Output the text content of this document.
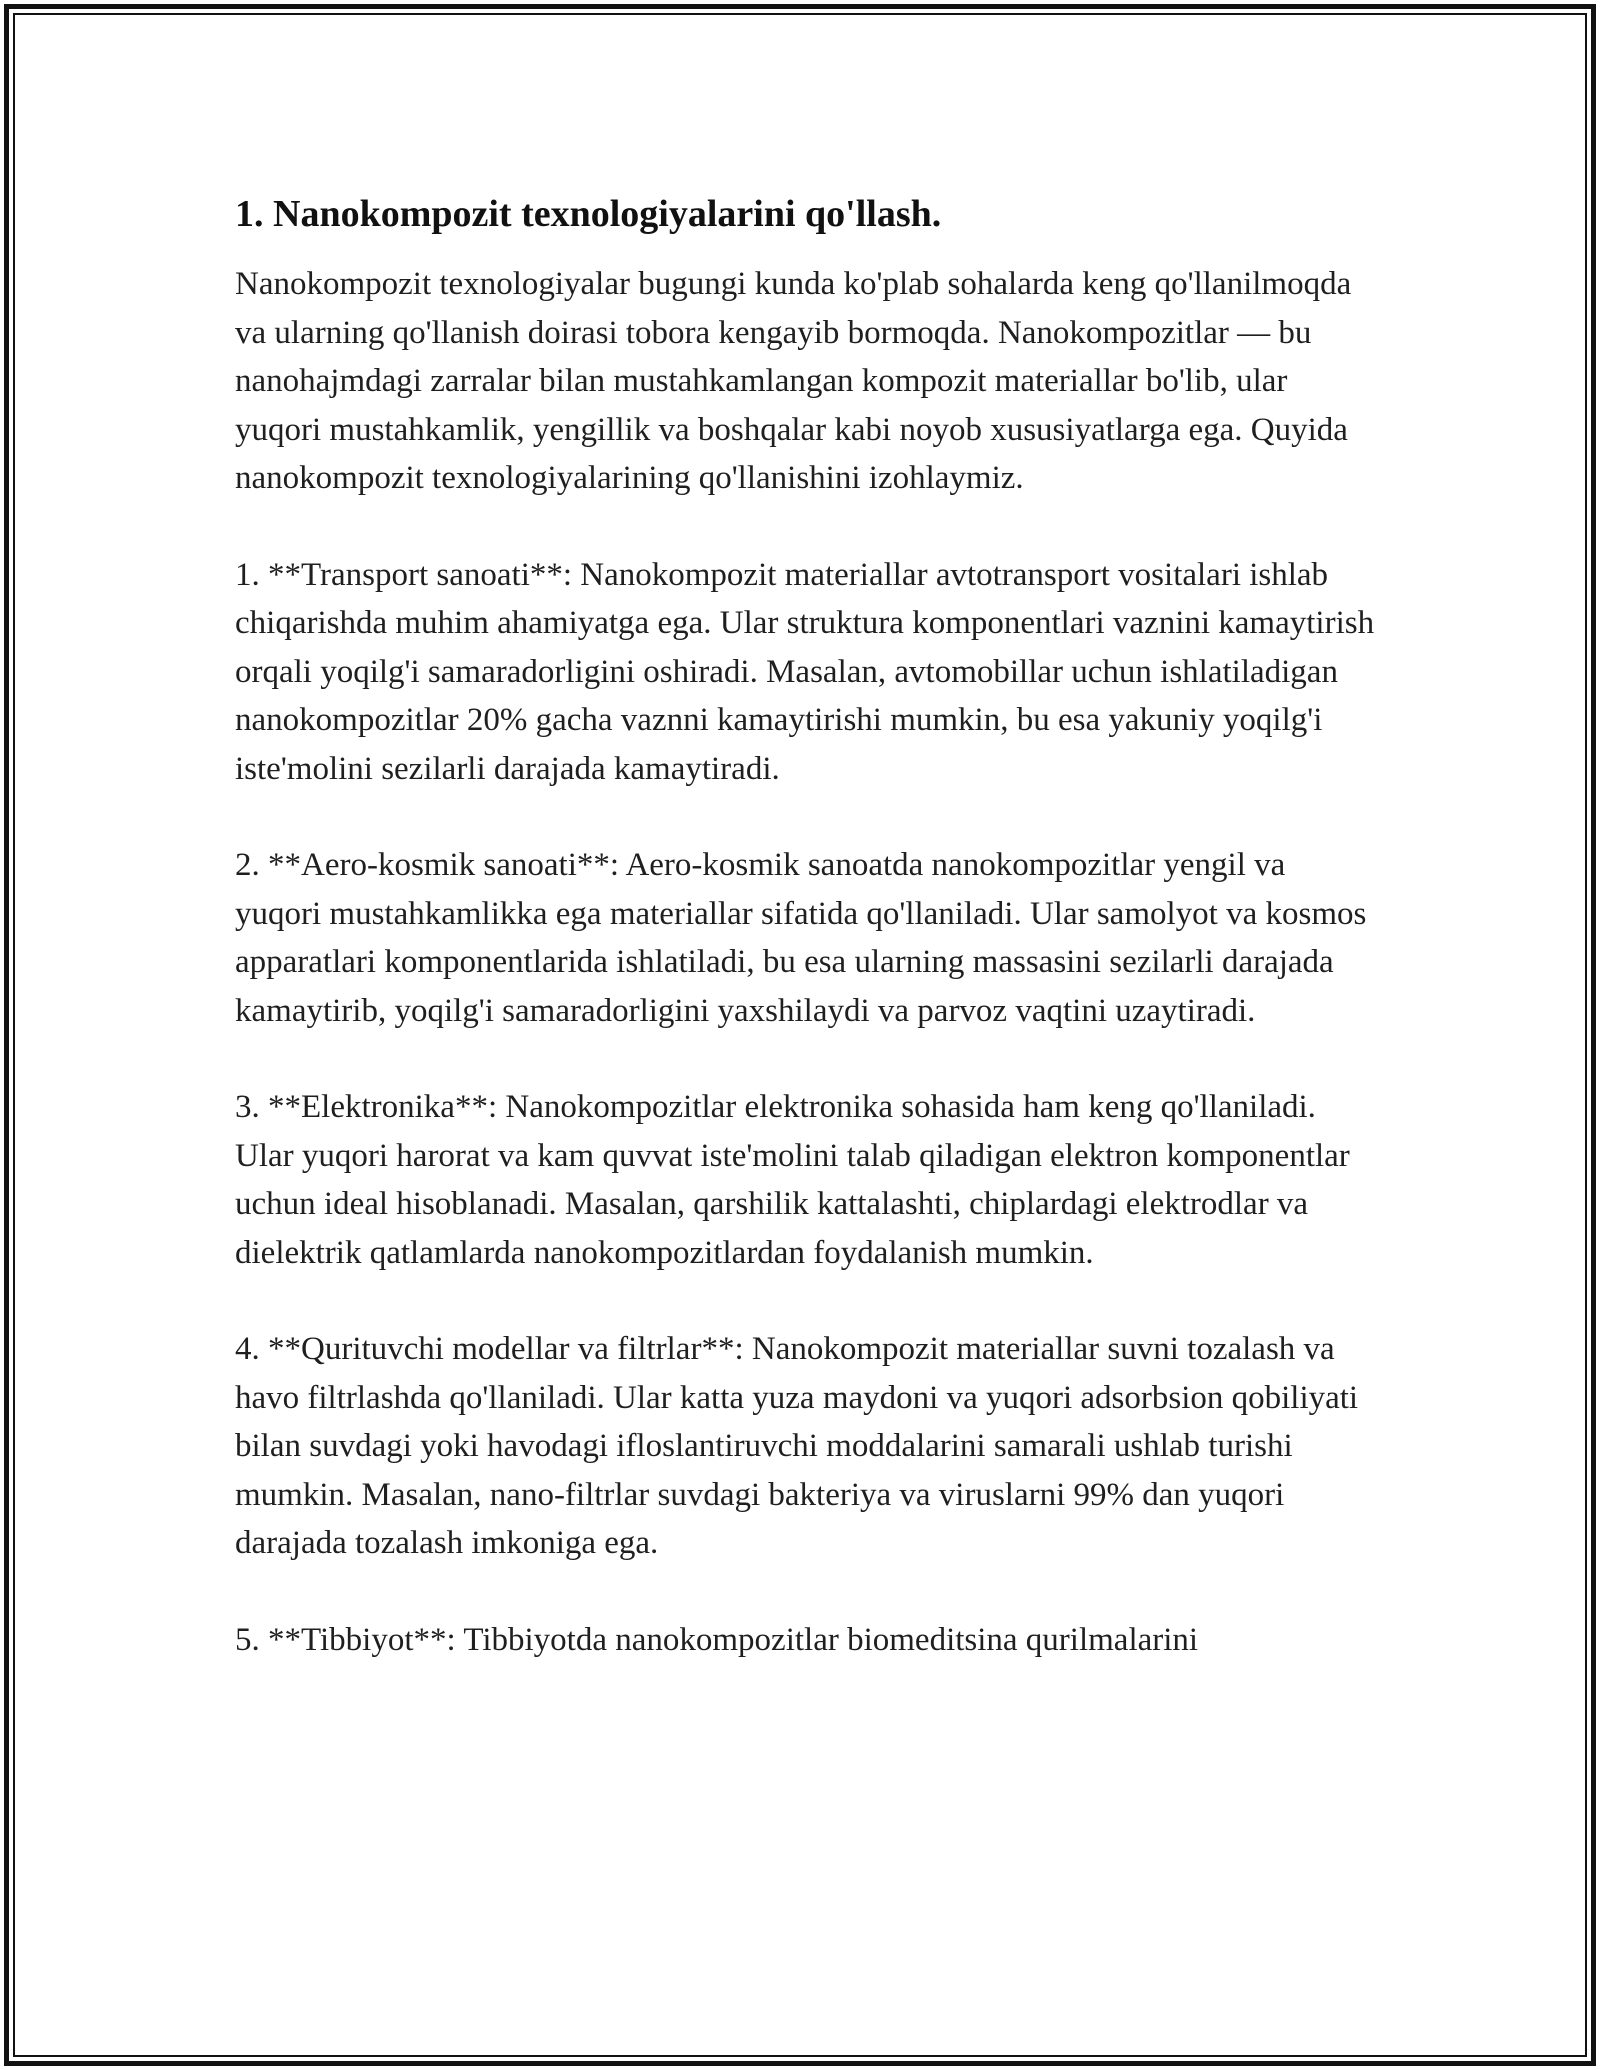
1. Nanokompozit texnologiyalarini qo'llash.

Nanokompozit texnologiyalar bugungi kunda ko'plab sohalarda keng qo'llanilmoqda va ularning qo'llanish doirasi tobora kengayib bormoqda. Nanokompozitlar — bu nanohajmdagi zarralar bilan mustahkamlangan kompozit materiallar bo'lib, ular yuqori mustahkamlik, yengillik va boshqalar kabi noyob xususiyatlarga ega. Quyida nanokompozit texnologiyalarining qo'llanishini izohlaymiz.

1. **Transport sanoati**: Nanokompozit materiallar avtotransport vositalari ishlab chiqarishda muhim ahamiyatga ega. Ular struktura komponentlari vaznini kamaytirish orqali yoqilg'i samaradorligini oshiradi. Masalan, avtomobillar uchun ishlatiladigan nanokompozitlar 20% gacha vaznni kamaytirishi mumkin, bu esa yakuniy yoqilg'i iste'molini sezilarli darajada kamaytiradi.

2. **Aero-kosmik sanoati**: Aero-kosmik sanoatda nanokompozitlar yengil va yuqori mustahkamlikka ega materiallar sifatida qo'llaniladi. Ular samolyot va kosmos apparatlari komponentlarida ishlatiladi, bu esa ularning massasini sezilarli darajada kamaytirib, yoqilg'i samaradorligini yaxshilaydi va parvoz vaqtini uzaytiradi.

3. **Elektronika**: Nanokompozitlar elektronika sohasida ham keng qo'llaniladi. Ular yuqori harorat va kam quvvat iste'molini talab qiladigan elektron komponentlar uchun ideal hisoblanadi. Masalan, qarshilik kattalashti, chiplardagi elektrodlar va dielektrik qatlamlarda nanokompozitlardan foydalanish mumkin.

4. **Qurituvchi modellar va filtrlar**: Nanokompozit materiallar suvni tozalash va havo filtrlashda qo'llaniladi. Ular katta yuza maydoni va yuqori adsorbsion qobiliyati bilan suvdagi yoki havodagi ifloslantiruvchi moddalarini samarali ushlab turishi mumkin. Masalan, nano-filtrlar suvdagi bakteriya va viruslarni 99% dan yuqori darajada tozalash imkoniga ega.

5. **Tibbiyot**: Tibbiyotda nanokompozitlar biomeditsina qurilmalarini
